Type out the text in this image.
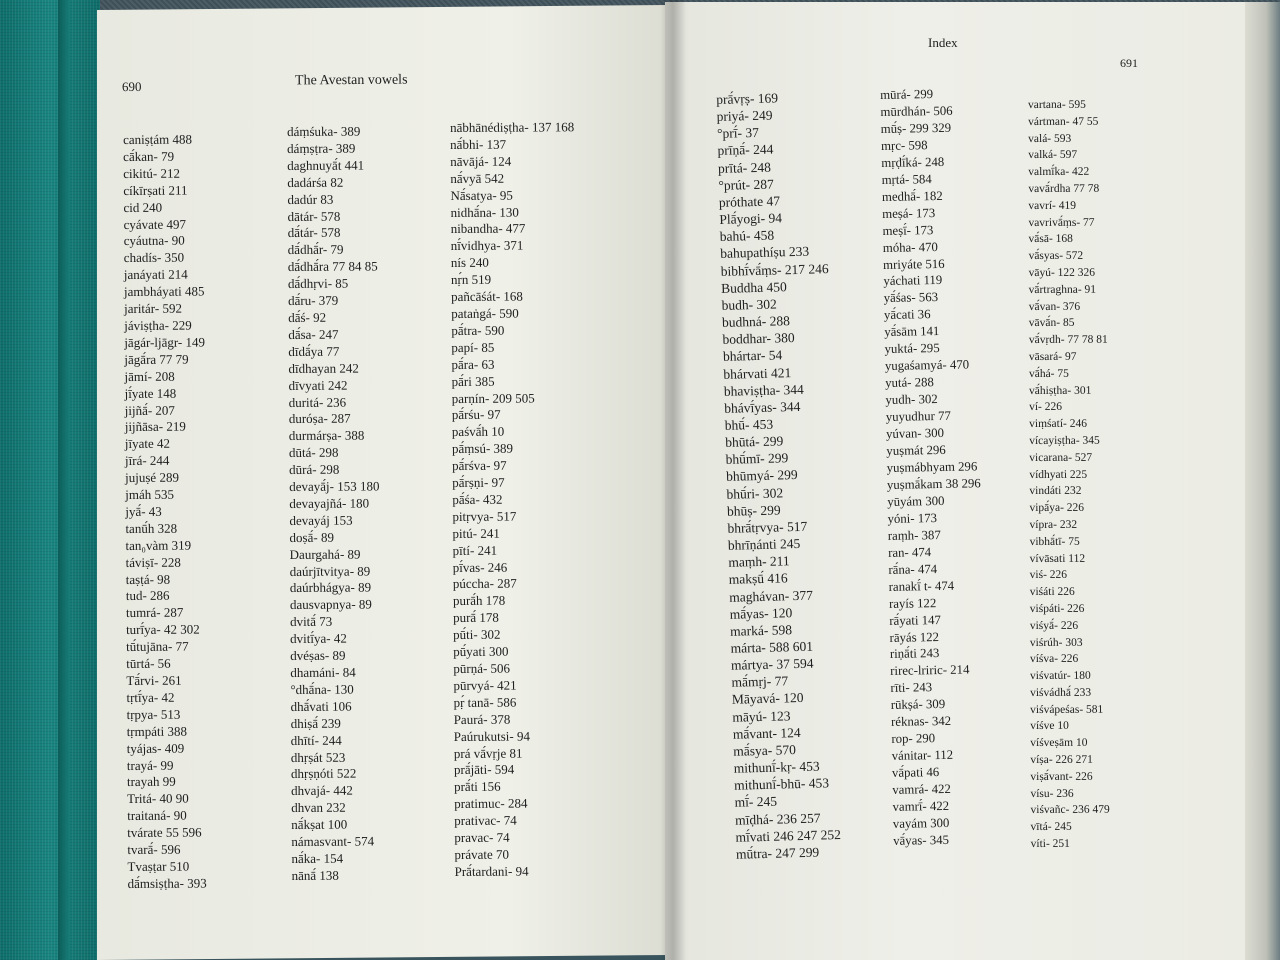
690	The Avestan vowels
Index
691
caniṣṭám 488
cā́kan- 79
cikitú- 212
cíkīrṣati 211
cid 240
cyávate 497
cyáutna- 90
chadís- 350
janáyati 214
jambháyati 485
jaritár- 592
jáviṣṭha- 229
jāgár-ljāgr- 149
jāgā́ra 77 79
jāmí- 208
jī́yate 148
jijñā́- 207
jijñāsa- 219
jīyate 42
jīrá- 244
jujuṣé 289
jmáh 535
jyā́- 43
tanū́h 328
tan₀vàm 319
táviṣī- 228
taṣṭá- 98
tud- 286
tumrá- 287
turī́ya- 42 302
tū́tujāna- 77
tūrtá- 56
Tā́rvi- 261
tṛtī́ya- 42
tṛpya- 513
tṛmpáti 388
tyájas- 409
trayá- 99
trayah 99
Tritá- 40 90
traitaná- 90
tvárate 55 596
tvarā́- 596
Tvaṣṭar 510
dā́msiṣṭha- 393
dáṃśuka- 389
dáṃṣṭra- 389
daghnuyā́t 441
dadárśa 82
dadúr 83
dātár- 578
dā́tár- 578
dā́dhā́r- 79
dā́dhā́ra 77 84 85
dā́dhṛvi- 85
dā́ru- 379
dā́ś- 92
dā́sa- 247
dīdā́ya 77
dīdhayan 242
dīvyati 242
duritá- 236
duróṣa- 287
durmárṣa- 388
dūtá- 298
dūrá- 298
devayā́j- 153 180
devayajñá- 180
devayáj 153
doṣā́- 89
Daurgahá- 89
daúrjītvitya- 89
daúrbhágya- 89
dausvapnya- 89
dvitā́ 73
dvitī́ya- 42
dvéṣas- 89
dhamáni- 84
°dhā́na- 130
dhā́vati 106
dhiṣā́ 239
dhītí- 244
dhṛṣát 523
dhṛṣṇóti 522
dhvajá- 442
dhvan 232
nā́kṣat 100
námasvant- 574
nā́ka- 154
nānā́ 138
nābhānédiṣṭha- 137 168
nā́bhi- 137
nāvājá- 124
nā́vyā 542
Nā́satya- 95
nidhā́na- 130
nibandha- 477
nī́vidhya- 371
nís 240
nṛ́n 519
pañcāśát- 168
pataṅgá- 590
pā́tra- 590
papí- 85
pā́ra- 63
pā́ri 385
parṇín- 209 505
pā́rśu- 97
paśvā́h 10
pā́ṃsú- 389
pā́rśva- 97
pā́rṣṇi- 97
pā́śa- 432
pitṛvya- 517
pitú- 241
pītí- 241
pī́vas- 246
púccha- 287
purā́h 178
purā́ 178
pū́ti- 302
pū́yati 300
pūrṇá- 506
pūrvyá- 421
pṛ́ tanā- 586
Paurá- 378
Paúrukutsi- 94
prá vā́vṛje 81
prā́jāti- 594
prā́ti 156
pratimuc- 284
prativac- 74
pravac- 74
právate 70
Prā́tardani- 94
prā́vṛṣ- 169
priyá- 249
°prī́- 37
prīṇā́- 244
prītá- 248
°prút- 287
próthate 47
Plā́yogi- 94
bahú- 458
bahupathíṣu 233
bibhī́vā́ṃs- 217 246
Buddha 450
budh- 302
budhná- 288
boddhar- 380
bhártar- 54
bhárvati 421
bhaviṣṭha- 344
bhávī́yas- 344
bhū́- 453
bhūtá- 299
bhū́mī- 299
bhūmyá- 299
bhū́ri- 302
bhūṣ- 299
bhrā́tṛvya- 517
bhrīṇánti 245
maṃh- 211
makṣū́ 416
maghávan- 377
mā́yas- 120
marká- 598
márta- 588 601
mártya- 37 594
mā́mṛj- 77
Māyavá- 120
māyú- 123
mā́vant- 124
mā́sya- 570
mithunī́-kṛ- 453
mithunī́-bhū- 453
mī́- 245
mīḍhá- 236 257
mī́vati 246 247 252
mū́tra- 247 299
mūrá- 299
mūrdhán- 506
mū́ṣ- 299 329
mṛc- 598
mṛḍī́ká- 248
mṛtá- 584
medhā́- 182
meṣá- 173
meṣī́- 173
móha- 470
mriyáte 516
yáchati 119
yā́śas- 563
yā́cati 36
yā́sām 141
yuktá- 295
yugaśamyá- 470
yutá- 288
yudh- 302
yuyudhur 77
yúvan- 300
yuṣmát 296
yuṣmábhyam 296
yuṣmā́kam 38 296
yūyám 300
yóni- 173
raṃh- 387
ran- 474
rā́na- 474
ranakī́ t- 474
rayís 122
rā́yati 147
rāyás 122
riṇā́ti 243
rirec-lriric- 214
rīti- 243
rūkṣá- 309
réknas- 342
rop- 290
vánitar- 112
vā́pati 46
vamrá- 422
vamrī́- 422
vayám 300
vā́yas- 345
vartana- 595
vártman- 47 55
valá- 593
valká- 597
valmī́ka- 422
vavā́rdha 77 78
vavrí- 419
vavrivā́ṃs- 77
vā́sā- 168
vā́syas- 572
vāyú- 122 326
vā́rtraghna- 91
vā́van- 376
vāvā́n- 85
vā́vṛdh- 77 78 81
vāsará- 97
vā́há- 75
vā́hiṣṭha- 301
ví- 226
viṃśatí- 246
vícayiṣṭha- 345
vicarana- 527
vídhyati 225
vindáti 232
vipā́ya- 226
vípra- 232
vibhā́tī- 75
vívāsati 112
viś- 226
viśáti 226
viśpáti- 226
viśyā́- 226
viśrúh- 303
víśva- 226
viśvatúr- 180
viśvádhā́ 233
viśvápeśas- 581
víśve 10
víśveṣām 10
víṣa- 226 271
viṣā́vant- 226
vísu- 236
viśvañc- 236 479
vītá- 245
víti- 251
